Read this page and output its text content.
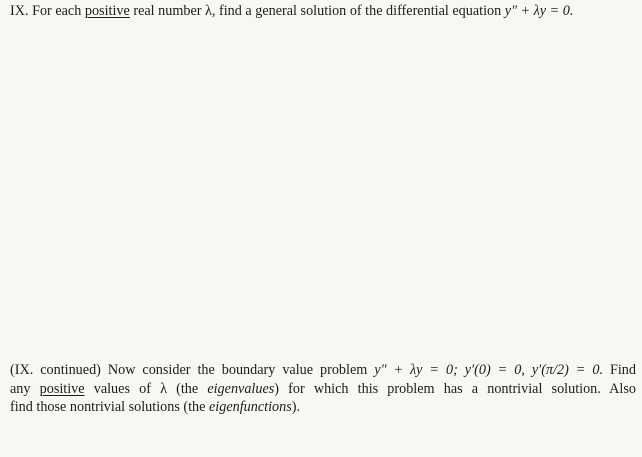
IX. For each positive real number λ, find a general solution of the differential equation y″ + λy = 0.
(IX. continued) Now consider the boundary value problem y″ + λy = 0; y′(0) = 0, y′(π/2) = 0. Find
any positive values of λ (the eigenvalues) for which this problem has a nontrivial solution. Also
find those nontrivial solutions (the eigenfunctions).
